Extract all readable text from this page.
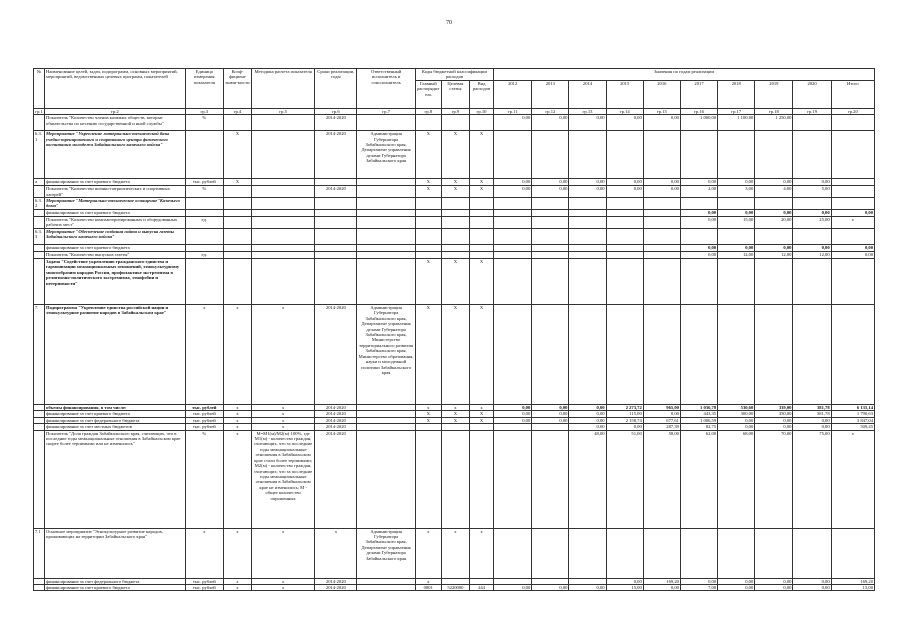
70
№	Наименование целей, задач, подпрограмм, основных мероприятий, мероприятий, ведомственных целевых программ, показателей	Единица измерения показателя	Коэф-фициент значи-мости	Методика расчета показателя	Сроки реализации, годы	Ответственный исполнитель и соисполнитель	Коды бюджетной классификации расходов			Значения по годам реализации									
							Главный распорядитель	Целевая статья	Вид расходов	2012	2013	2014	2015	2016	2017	2018	2019	2020	Итого
гр.1	гр.2	гр.3	гр.4	гр.5	гр.6	гр.7	гр.8	гр.9	гр.10	гр.11	гр.12	гр.13	гр.14	гр.15	гр.16	гр.17	гр.18	гр.19	гр.20
	Показатель "Количество членов казачьих обществ, которые обязательства по несению государственной и иной службы"	%			2014-2020					0,00	0,00	0,00	0,00	0,00	1 000,00	1 100,00	1 250,00		
6.3.1	Мероприятие "Укрепление материально-технической базы учебно-тренировочного и спортивного центра физического воспитания молодежи Забайкальского казачьего войска"		Х		2014-2020	Администрация Губернатора Забайкальского края, Департамент управления делами Губернатора Забайкальского края	Х	Х	Х										
а	финансирование за счет краевого бюджета	тыс. рублей	Х				Х	Х	Х	0,00	0,00	0,00	0,00	0,00	0,00	0,00	0,00	0,00	
	Показатель "Количество военно-патриотических и спортивных лагерей"	%			2014-2020		Х	Х	Х	0,00	0,00	0,00	0,00	0,00	2,00	3,00	4,00	5,00	
6.3.2	Мероприятие "Материально-техническое оснащение"Казачьего дома"																		
	финансирование за счет краевого бюджета														0,00	0,00	0,00	0,00	0,00
	Показатель "Количество компьютеризированных и оборудованных рабочих мест"	ед.													0,00	15,00	20,00	25,00	х
6.3.3	Мероприятие "Обеспечение создания сайта и выпуска газеты Забайкальского казачьего войска"																		
	финансирование за счет краевого бюджета														0,00	0,00	0,00	0,00	0,00
	Показатель "Количество выпусков газеты"	ед.													0,00	12,00	12,00	12,00	0,00
	Задача "Содействие укреплению гражданского единства и гармонизации межнациональных отношений, этнокультурному многообразию народов России, профилактике экстремизма в религиозно-политического экстремизма, этнофобии и нетерпимости"						Х	Х	Х										
7.	Подпрограмма "Укрепление единства российской нации и этнокультурное развитие народов в Забайкальском крае"	х	х	х	2014-2020	Администрация Губернатора Забайкальского края, Департамент управления делами Губернатора Забайкальского края, Министерство территориального развития Забайкальского края, Министерство образования, науки и молодежной политики Забайкальского края	Х	Х	Х										
	объемы финансирования, в том числе:	тыс. рублей	х	х	2014-2020		х	х	х	0,00	0,00	0,00	2 273,72	965,00	1 036,78	530,60	339,00	381,78	6 135,14
	финансирование за счет краевого бюджета	тыс. рублей	х	х	2014-2020		Х	Х	Х	0,00	0,00	0,00	115,00	0,00	443,35	300,00	350,00	381,78	1 790,63
	финансирование за счет федерального бюджета	тыс. рублей	х	х	2014-2020		Х	Х	Х	0,00	0,00	0,00	2 158,74	677,61	1 006,59	0,00	0,00	0,00	3 847,04
	финансирование за счет местных бюджетов	тыс. рублей	х	х	2014-2020							0,00	0,00	287,39	82,75	0,00	0,00	0,00	509,45
	Показатель "Доля граждан Забайкальского края, считающих, что в последние годы межнациональные отношения в Забайкальском крае скорее более терпимыми или не изменились"	%	х	M=M1(м)/M2(м)·100%, где M1(м) - количество граждан, считающих, что за последние годы межнациональные отношения в Забайкальском крае стали более терпимыми; M2(м) - количество граждан, считающих, что за последние годы межнациональные отношения в Забайкальском крае не изменились; M - общее количество опрошенных	2014-2020							48,00	51,00	58,00	62,00	68,00	70,00	75,00	х
7.1	Основное мероприятие "Этнокультурное развитие народов, проживающих на территории Забайкальского края"	х	х	х	х	Администрация Губернатора Забайкальского края, Департамент управления делами Губернатора Забайкальского края	х	х	х										
	финансирование за счет федерального бюджета	тыс. рублей	х	х	2014-2020		х						0,00	169,20	0,00	0,00	0,00	0,00	169,20
	финансирование за счет краевого бюджета	тыс. рублей	х	х	2014-2020		0801	5220000	244	0,00	0,00	0,00	15,00	0,00	7,00	0,00	0,00	0,00	15,00
